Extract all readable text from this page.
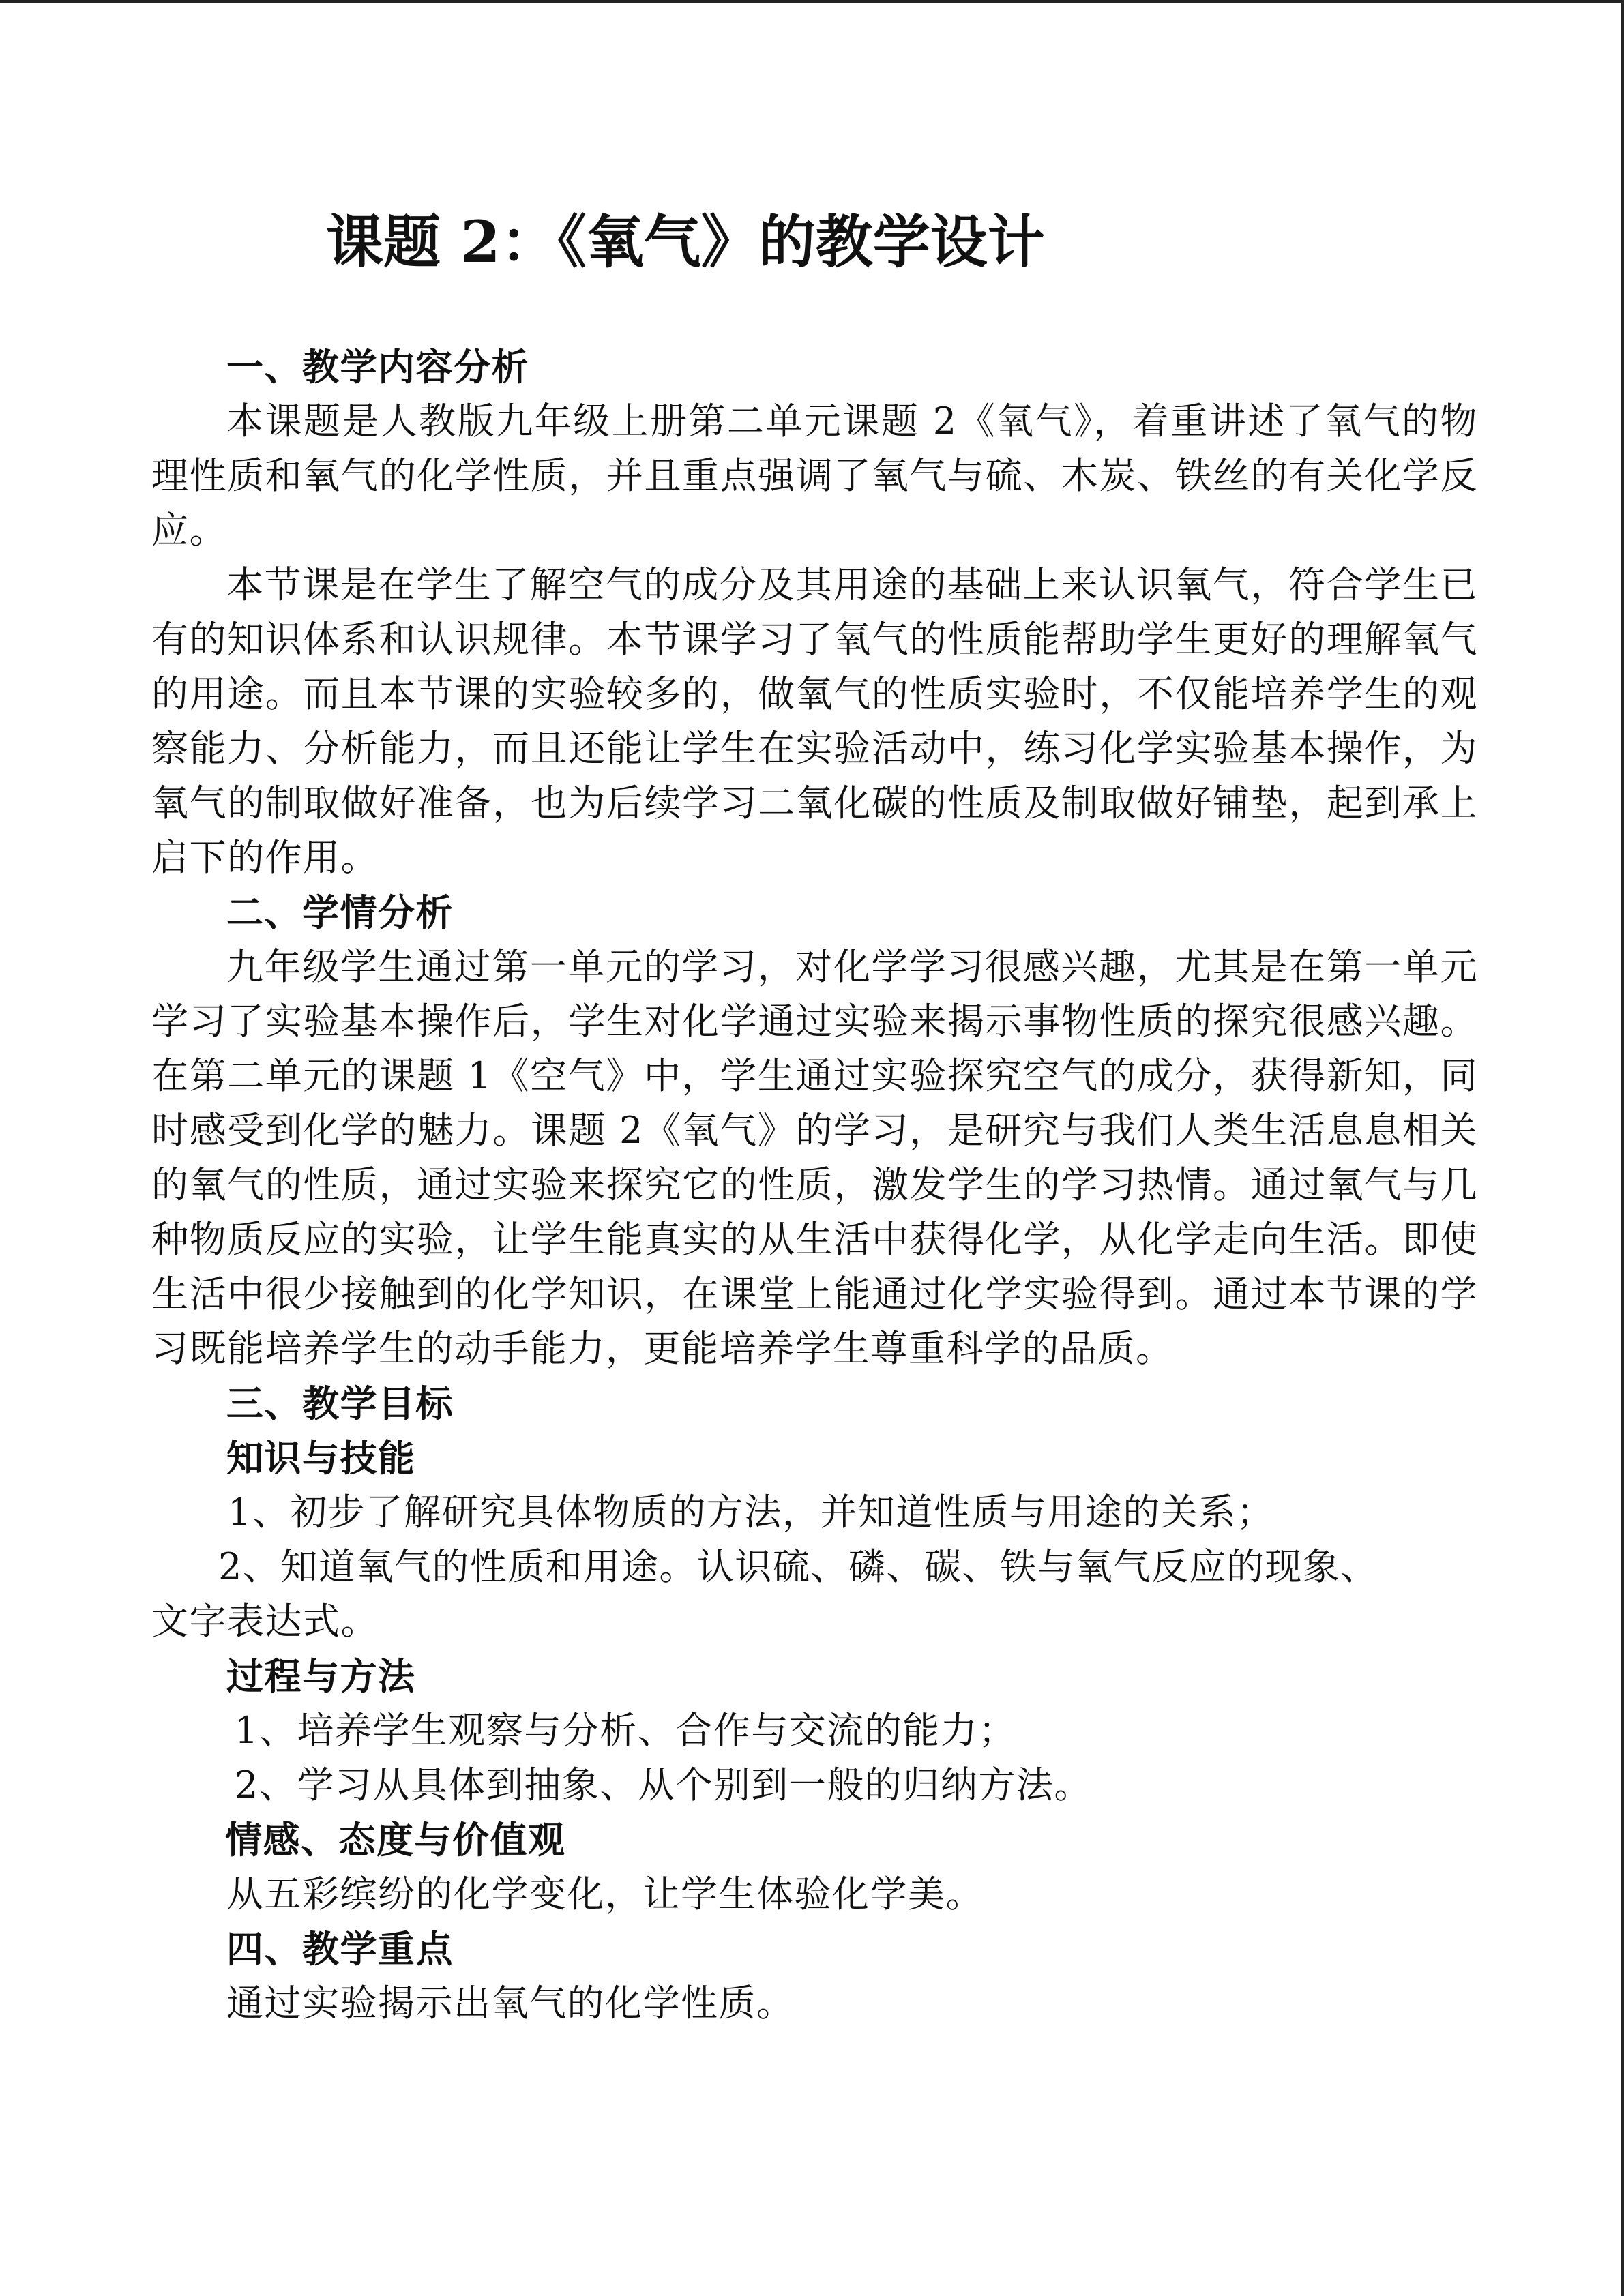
课题 2：《氧气》的教学设计

一、教学内容分析

本课题是人教版九年级上册第二单元课题 2《氧气》，着重讲述了氧气的物理性质和氧气的化学性质，并且重点强调了氧气与硫、木炭、铁丝的有关化学反应。

本节课是在学生了解空气的成分及其用途的基础上来认识氧气，符合学生已有的知识体系和认识规律。本节课学习了氧气的性质能帮助学生更好的理解氧气的用途。而且本节课的实验较多的，做氧气的性质实验时，不仅能培养学生的观察能力、分析能力，而且还能让学生在实验活动中，练习化学实验基本操作，为氧气的制取做好准备，也为后续学习二氧化碳的性质及制取做好铺垫，起到承上启下的作用。

二、学情分析

九年级学生通过第一单元的学习，对化学学习很感兴趣，尤其是在第一单元学习了实验基本操作后，学生对化学通过实验来揭示事物性质的探究很感兴趣。在第二单元的课题 1《空气》中，学生通过实验探究空气的成分，获得新知，同时感受到化学的魅力。课题 2《氧气》的学习，是研究与我们人类生活息息相关的氧气的性质，通过实验来探究它的性质，激发学生的学习热情。通过氧气与几种物质反应的实验，让学生能真实的从生活中获得化学，从化学走向生活。即使生活中很少接触到的化学知识，在课堂上能通过化学实验得到。通过本节课的学习既能培养学生的动手能力，更能培养学生尊重科学的品质。

三、教学目标

知识与技能

1、初步了解研究具体物质的方法，并知道性质与用途的关系；

2、知道氧气的性质和用途。认识硫、磷、碳、铁与氧气反应的现象、文字表达式。

过程与方法

1、培养学生观察与分析、合作与交流的能力；

2、学习从具体到抽象、从个别到一般的归纳方法。

情感、态度与价值观

从五彩缤纷的化学变化，让学生体验化学美。

四、教学重点

通过实验揭示出氧气的化学性质。
